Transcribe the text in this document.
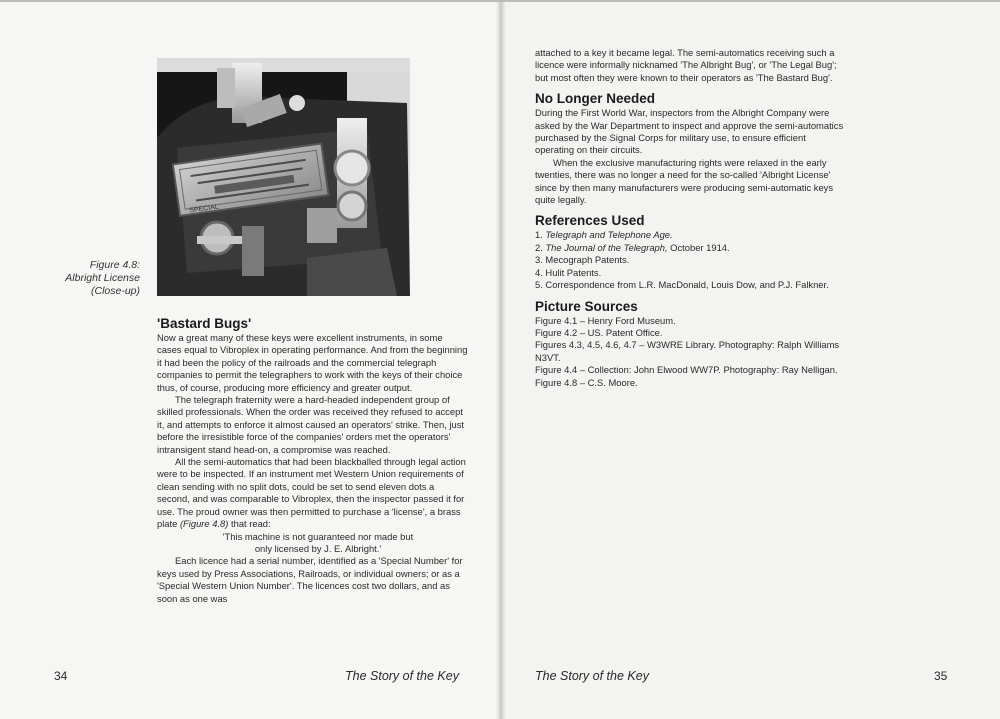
SPECIAL
Figure 4.8:
Albright License
(Close-up)
'Bastard Bugs'

Now a great many of these keys were excellent instruments, in some cases equal to Vibroplex in operating performance. And from the beginning it had been the policy of the railroads and the commercial telegraph companies to permit the telegraphers to work with the keys of their choice thus, of course, producing more efficiency and greater output.

The telegraph fraternity were a hard-headed independent group of skilled professionals. When the order was received they refused to accept it, and attempts to enforce it almost caused an operators' strike. Then, just before the irresistible force of the companies' orders met the operators' intransigent stand head-on, a compromise was reached.

All the semi-automatics that had been blackballed through legal action were to be inspected. If an instrument met Western Union requirements of clean sending with no split dots, could be set to send eleven dots a second, and was comparable to Vibroplex, then the inspector passed it for use. The proud owner was then permitted to purchase a 'license', a brass plate (Figure 4.8) that read:

'This machine is not guaranteed nor made but

only licensed by J. E. Albright.'

Each licence had a serial number, identified as a 'Special Number' for keys used by Press Associations, Railroads, or individual owners; or as a 'Special Western Union Number'. The licences cost two dollars, and as soon as one was

34	The Story of the Key

attached to a key it became legal. The semi-automatics receiving such a licence were informally nicknamed 'The Albright Bug', or 'The Legal Bug'; but most often they were known to their operators as 'The Bastard Bug'.

No Longer Needed

During the First World War, inspectors from the Albright Company were asked by the War Department to inspect and approve the semi-automatics purchased by the Signal Corps for military use, to ensure efficient operating on their circuits.

When the exclusive manufacturing rights were relaxed in the early twenties, there was no longer a need for the so-called 'Albright License' since by then many manufacturers were producing semi-automatic keys quite legally.

References Used
1. Telegraph and Telephone Age.
2. The Journal of the Telegraph, October 1914.
3. Mecograph Patents.
4. Hulit Patents.
5. Correspondence from L.R. MacDonald, Louis Dow, and P.J. Falkner.
Picture Sources
Figure 4.1 – Henry Ford Museum.
Figure 4.2 – US. Patent Office.
Figures 4.3, 4.5, 4.6, 4.7 – W3WRE Library. Photography: Ralph Williams N3VT.
Figure 4.4 – Collection: John Elwood WW7P. Photography: Ray Nelligan.
Figure 4.8 – C.S. Moore.
The Story of the Key	35
